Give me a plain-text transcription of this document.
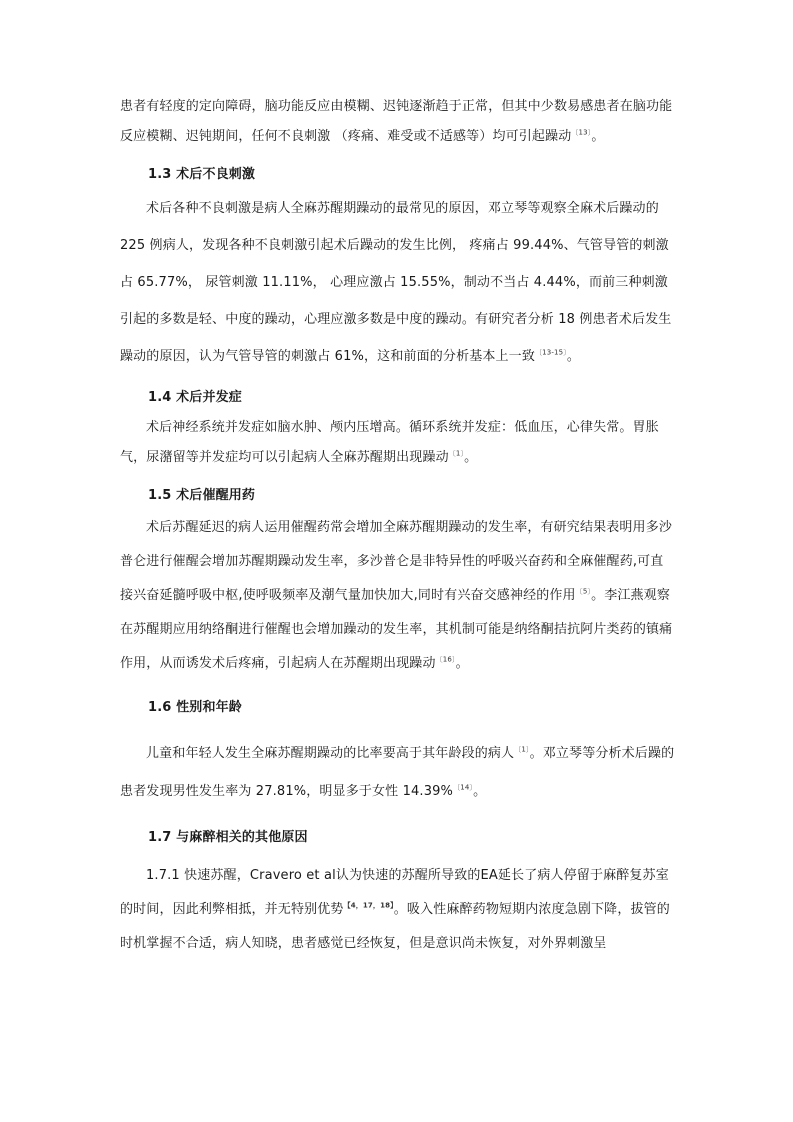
患者有轻度的定向障碍，脑功能反应由模糊、迟钝逐渐趋于正常，但其中少数易感患者在脑功能反应模糊、迟钝期间，任何不良刺激 （疼痛、难受或不适感等）均可引起躁动$^{〔13〕}$。

1.3 术后不良刺激

术后各种不良刺激是病人全麻苏醒期躁动的最常见的原因，邓立琴等观察全麻术后躁动的 225 例病人，发现各种不良刺激引起术后躁动的发生比例， 疼痛占 99.44%、气管导管的刺激占 65.77%， 尿管刺激 11.11%， 心理应激占 15.55%，制动不当占 4.44%，而前三种刺激引起的多数是轻、中度的躁动，心理应激多数是中度的躁动。有研究者分析 18 例患者术后发生躁动的原因，认为气管导管的刺激占 61%，这和前面的分析基本上一致$^{〔13-15〕}$。

1.4 术后并发症

术后神经系统并发症如脑水肿、颅内压增高。循环系统并发症：低血压，心律失常。胃胀气，尿潴留等并发症均可以引起病人全麻苏醒期出现躁动$^{〔1〕}$。

1.5 术后催醒用药

术后苏醒延迟的病人运用催醒药常会增加全麻苏醒期躁动的发生率，有研究结果表明用多沙普仑进行催醒会增加苏醒期躁动发生率，多沙普仑是非特异性的呼吸兴奋药和全麻催醒药,可直接兴奋延髓呼吸中枢,使呼吸频率及潮气量加快加大,同时有兴奋交感神经的作用$^{〔5〕}$。李江燕观察在苏醒期应用纳络酮进行催醒也会增加躁动的发生率，其机制可能是纳络酮拮抗阿片类药的镇痛作用，从而诱发术后疼痛，引起病人在苏醒期出现躁动$^{〔16〕}$。

1.6 性别和年龄

儿童和年轻人发生全麻苏醒期躁动的比率要高于其年龄段的病人$^{〔1〕}$。邓立琴等分析术后躁的患者发现男性发生率为 27.81%，明显多于女性 14.39%$^{〔14〕}$。

1.7 与麻醉相关的其他原因

1.7.1 快速苏醒，Cravero et al认为快速的苏醒所导致的EA延长了病人停留于麻醉复苏室的时间，因此利弊相抵，并无特别优势$^{【4,17,18】}$。吸入性麻醉药物短期内浓度急剧下降，拔管的时机掌握不合适，病人知晓，患者感觉已经恢复，但是意识尚未恢复，对外界刺激呈
